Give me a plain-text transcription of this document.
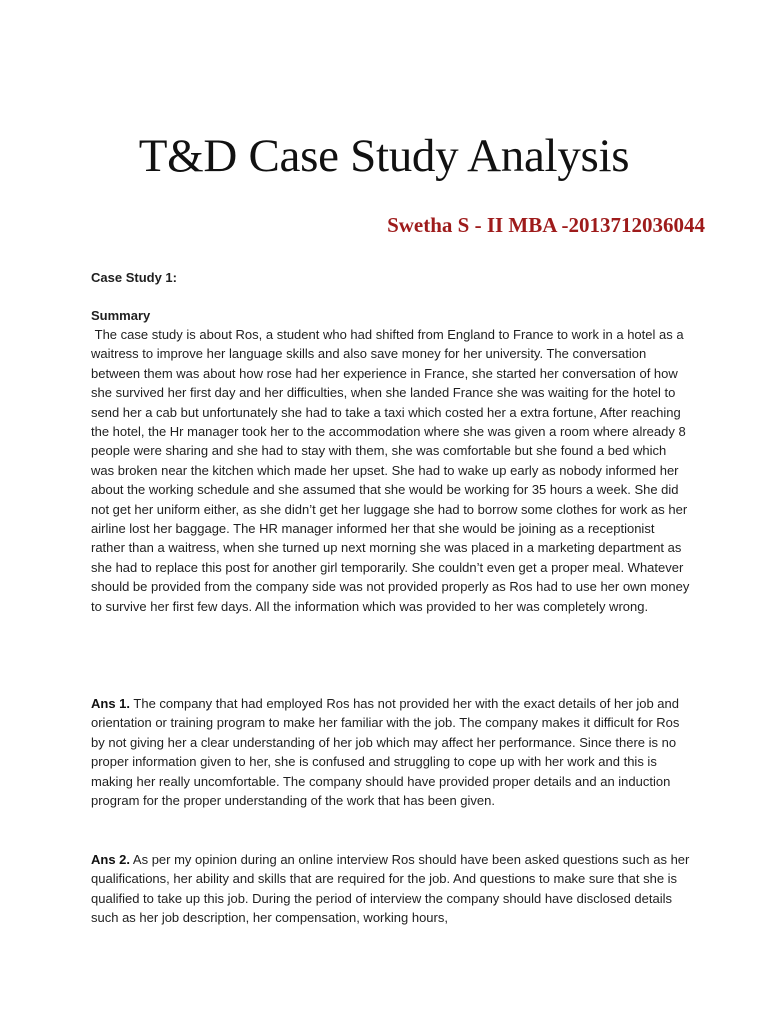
T&D Case Study Analysis
Swetha S - II MBA -2013712036044
Case Study 1:
Summary
The case study is about Ros, a student who had shifted from England to France to work in a hotel as a waitress to improve her language skills and also save money for her university. The conversation between them was about how rose had her experience in France, she started her conversation of how she survived her first day and her difficulties, when she landed France she was waiting for the hotel to send her a cab but unfortunately she had to take a taxi which costed her a extra fortune, After reaching the hotel, the Hr manager took her to the accommodation where she was given a room where already 8 people were sharing and she had to stay with them, she was comfortable but she found a bed which was broken near the kitchen which made her upset. She had to wake up early as nobody informed her about the working schedule and she assumed that she would be working for 35 hours a week. She did not get her uniform either, as she didn’t get her luggage she had to borrow some clothes for work as her airline lost her baggage. The HR manager informed her that she would be joining as a receptionist rather than a waitress, when she turned up next morning she was placed in a marketing department as she had to replace this post for another girl temporarily. She couldn’t even get a proper meal. Whatever should be provided from the company side was not provided properly as Ros had to use her own money to survive her first few days. All the information which was provided to her was completely wrong.
Ans 1. The company that had employed Ros has not provided her with the exact details of her job and orientation or training program to make her familiar with the job. The company makes it difficult for Ros by not giving her a clear understanding of her job which may affect her performance. Since there is no proper information given to her, she is confused and struggling to cope up with her work and this is making her really uncomfortable. The company should have provided proper details and an induction program for the proper understanding of the work that has been given.
Ans 2. As per my opinion during an online interview Ros should have been asked questions such as her qualifications, her ability and skills that are required for the job. And questions to make sure that she is qualified to take up this job. During the period of interview the company should have disclosed details such as her job description, her compensation, working hours,
